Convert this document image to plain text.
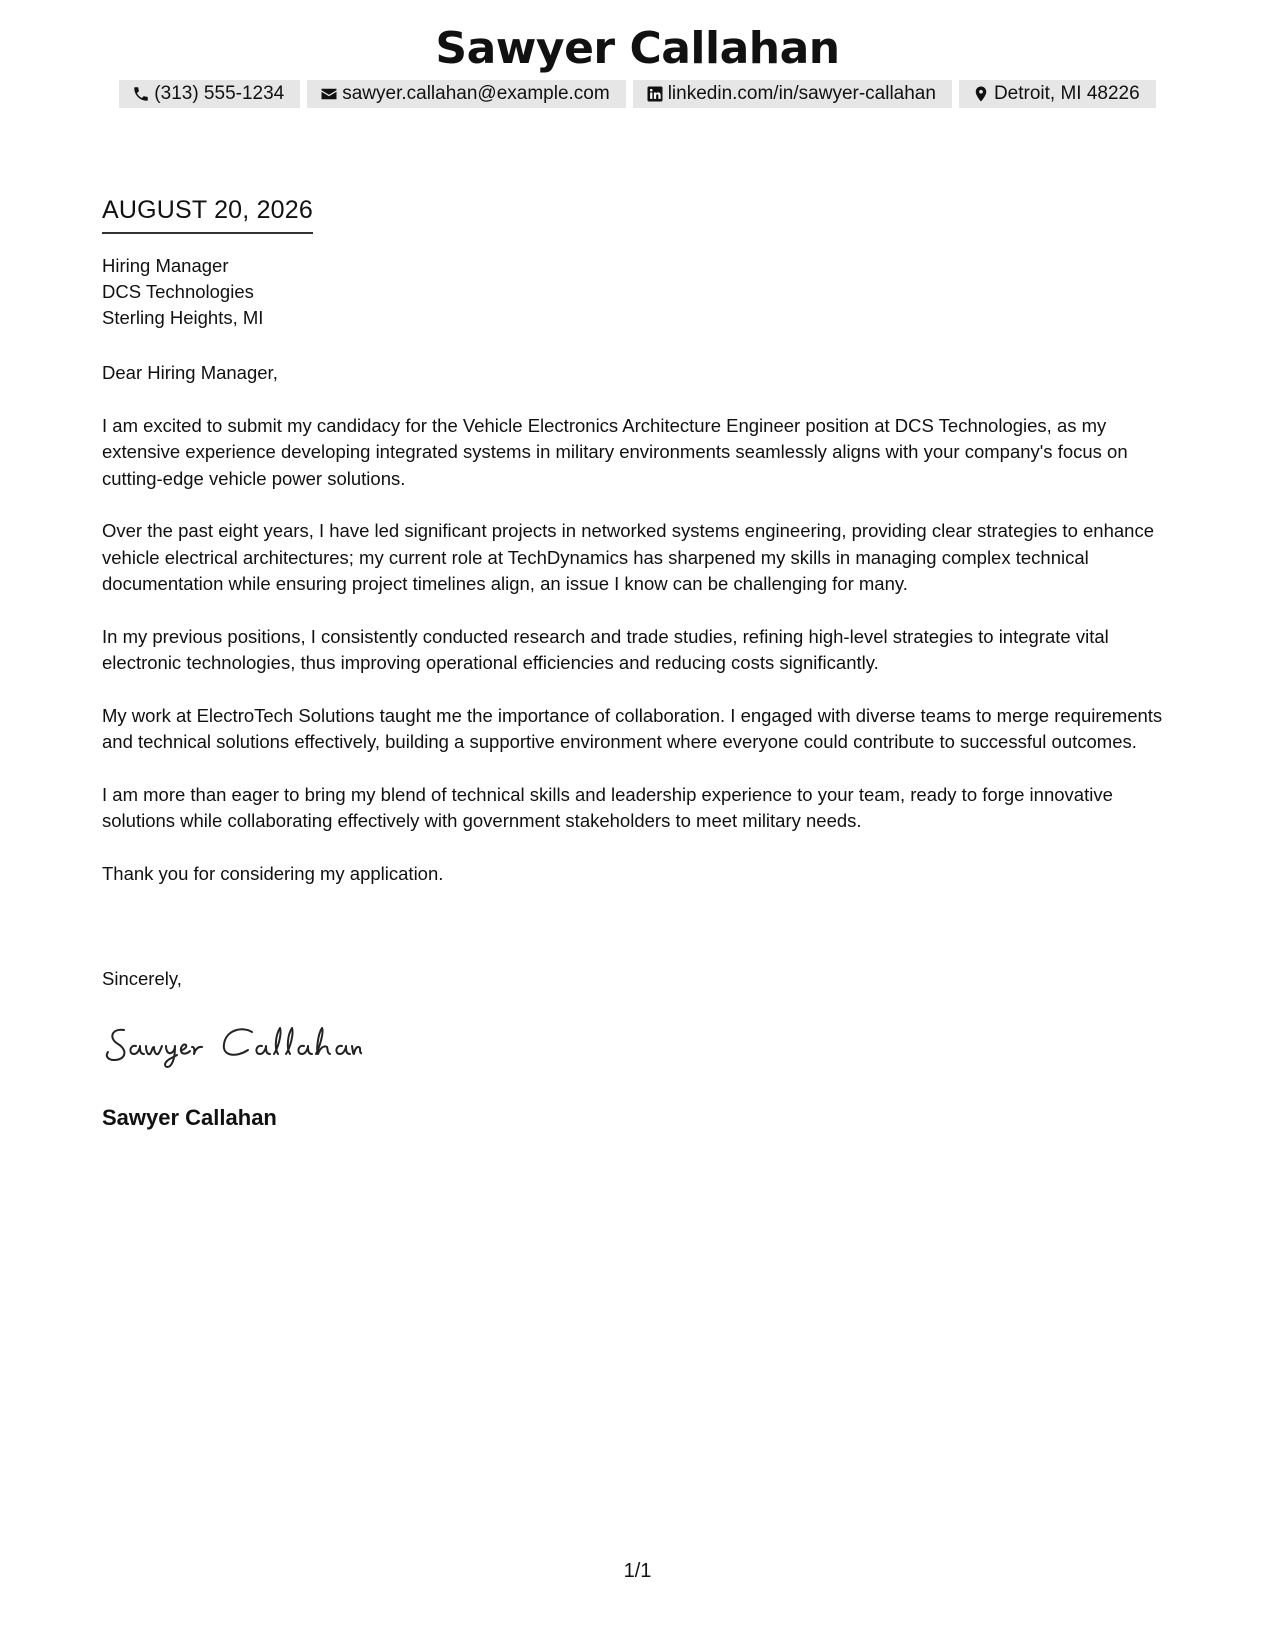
Sawyer Callahan
(313) 555-1234	sawyer.callahan@example.com	linkedin.com/in/sawyer-callahan	Detroit, MI 48226
AUGUST 20, 2026
Hiring Manager
DCS Technologies
Sterling Heights, MI

Dear Hiring Manager,

I am excited to submit my candidacy for the Vehicle Electronics Architecture Engineer position at DCS Technologies, as my extensive experience developing integrated systems in military environments seamlessly aligns with your company's focus on cutting-edge vehicle power solutions.

Over the past eight years, I have led significant projects in networked systems engineering, providing clear strategies to enhance vehicle electrical architectures; my current role at TechDynamics has sharpened my skills in managing complex technical documentation while ensuring project timelines align, an issue I know can be challenging for many.

In my previous positions, I consistently conducted research and trade studies, refining high-level strategies to integrate vital electronic technologies, thus improving operational efficiencies and reducing costs significantly.

My work at ElectroTech Solutions taught me the importance of collaboration. I engaged with diverse teams to merge requirements and technical solutions effectively, building a supportive environment where everyone could contribute to successful outcomes.

I am more than eager to bring my blend of technical skills and leadership experience to your team, ready to forge innovative solutions while collaborating effectively with government stakeholders to meet military needs.

Thank you for considering my application.

Sincerely,
Sawyer Callahan
1/1
